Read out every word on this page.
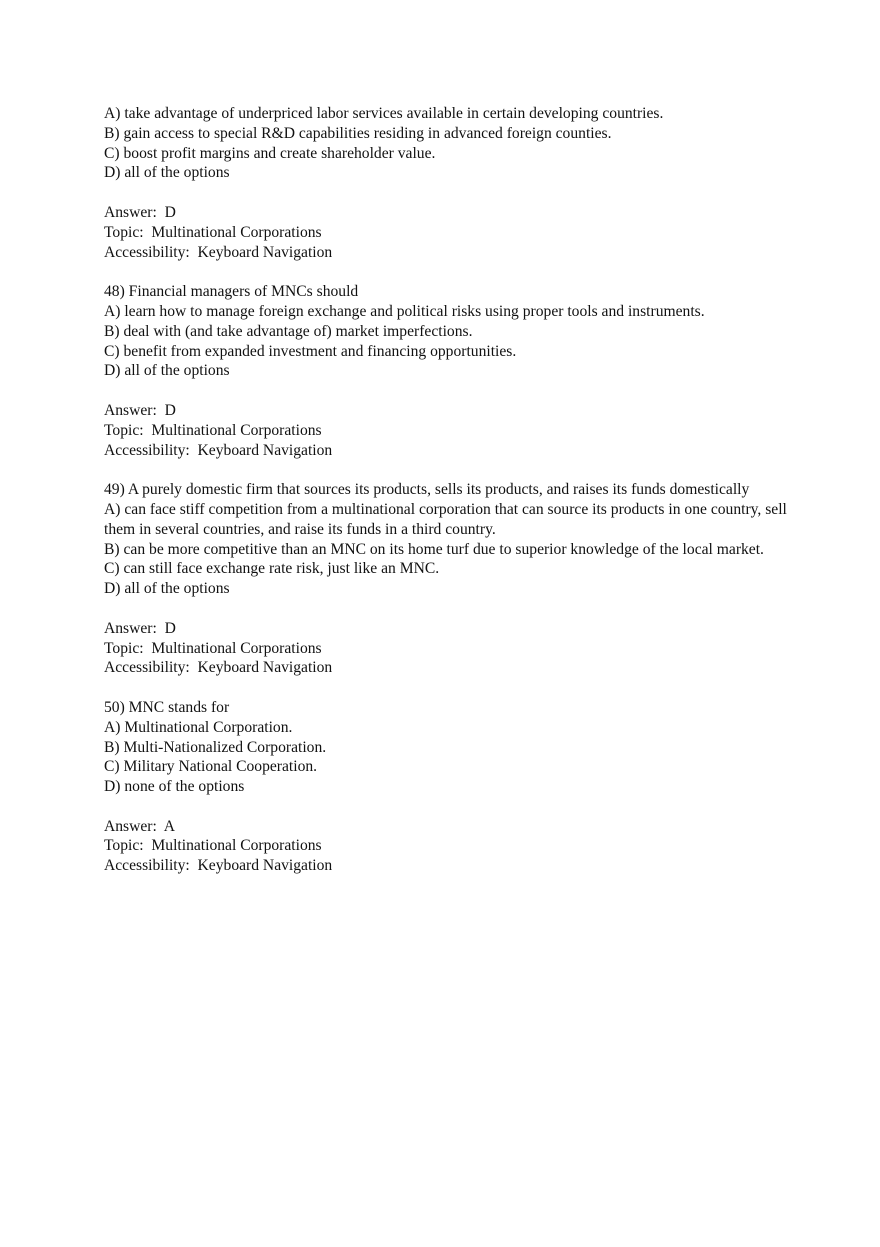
A) take advantage of underpriced labor services available in certain developing countries.
B) gain access to special R&D capabilities residing in advanced foreign counties.
C) boost profit margins and create shareholder value.
D) all of the options
Answer:  D
Topic:  Multinational Corporations
Accessibility:  Keyboard Navigation
48) Financial managers of MNCs should
A) learn how to manage foreign exchange and political risks using proper tools and instruments.
B) deal with (and take advantage of) market imperfections.
C) benefit from expanded investment and financing opportunities.
D) all of the options
Answer:  D
Topic:  Multinational Corporations
Accessibility:  Keyboard Navigation
49) A purely domestic firm that sources its products, sells its products, and raises its funds domestically
A) can face stiff competition from a multinational corporation that can source its products in one country, sell them in several countries, and raise its funds in a third country.
B) can be more competitive than an MNC on its home turf due to superior knowledge of the local market.
C) can still face exchange rate risk, just like an MNC.
D) all of the options
Answer:  D
Topic:  Multinational Corporations
Accessibility:  Keyboard Navigation
50) MNC stands for
A) Multinational Corporation.
B) Multi-Nationalized Corporation.
C) Military National Cooperation.
D) none of the options
Answer:  A
Topic:  Multinational Corporations
Accessibility:  Keyboard Navigation
